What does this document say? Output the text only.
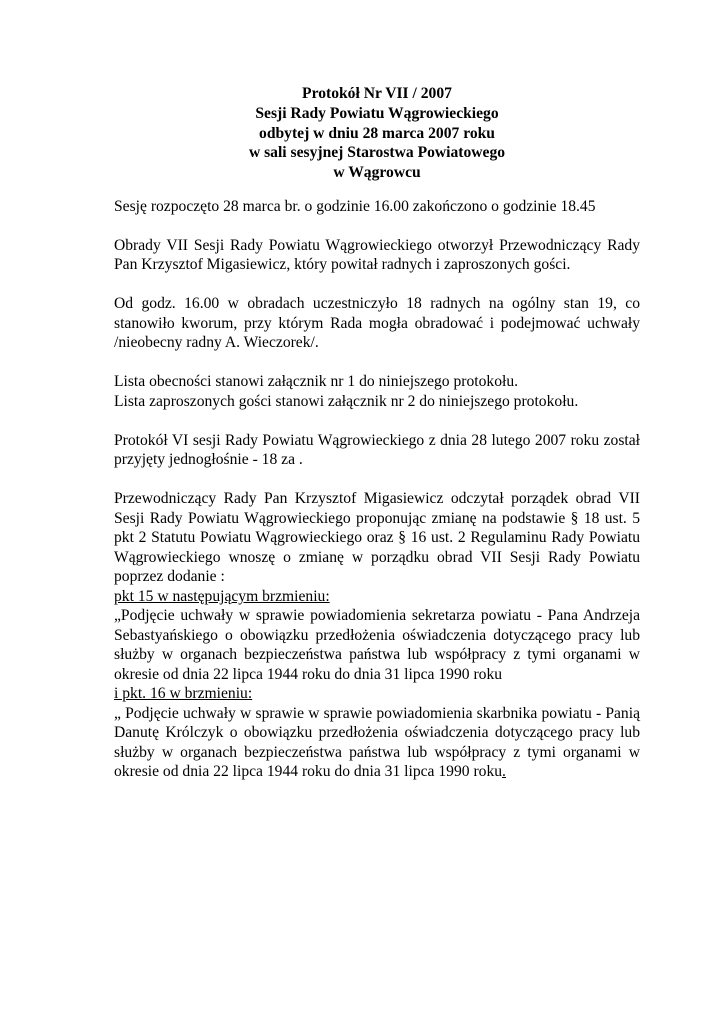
Protokół Nr VII / 2007
Sesji Rady Powiatu Wągrowieckiego
odbytej w dniu 28 marca 2007 roku
w sali sesyjnej Starostwa Powiatowego
w Wągrowcu

Sesję rozpoczęto 28 marca br. o godzinie 16.00 zakończono o godzinie 18.45

Obrady VII Sesji Rady Powiatu Wągrowieckiego otworzył Przewodniczący Rady Pan Krzysztof Migasiewicz, który powitał radnych i zaproszonych gości.

Od godz. 16.00 w obradach uczestniczyło 18 radnych na ogólny stan 19, co stanowiło kworum, przy którym Rada mogła obradować i podejmować uchwały /nieobecny radny A. Wieczorek/.

Lista obecności stanowi załącznik nr 1 do niniejszego protokołu.
Lista zaproszonych gości stanowi załącznik nr 2 do niniejszego protokołu.

Protokół VI sesji Rady Powiatu Wągrowieckiego z dnia 28 lutego 2007 roku został przyjęty jednogłośnie - 18 za .

Przewodniczący Rady Pan Krzysztof Migasiewicz odczytał porządek obrad VII Sesji Rady Powiatu Wągrowieckiego proponując zmianę na podstawie § 18 ust. 5 pkt 2 Statutu Powiatu Wągrowieckiego oraz § 16 ust. 2 Regulaminu Rady Powiatu Wągrowieckiego wnoszę o zmianę w porządku obrad VII Sesji Rady Powiatu poprzez dodanie :

pkt 15 w następującym brzmieniu:

„Podjęcie uchwały w sprawie powiadomienia sekretarza powiatu - Pana Andrzeja Sebastyańskiego o obowiązku przedłożenia oświadczenia dotyczącego pracy lub służby w organach bezpieczeństwa państwa lub współpracy z tymi organami w okresie od dnia 22 lipca 1944 roku do dnia 31 lipca 1990 roku

i pkt. 16 w brzmieniu:

„ Podjęcie uchwały w sprawie w sprawie powiadomienia skarbnika powiatu - Panią Danutę Królczyk o obowiązku przedłożenia oświadczenia dotyczącego pracy lub służby w organach bezpieczeństwa państwa lub współpracy z tymi organami w okresie od dnia 22 lipca 1944 roku do dnia 31 lipca 1990 roku.
